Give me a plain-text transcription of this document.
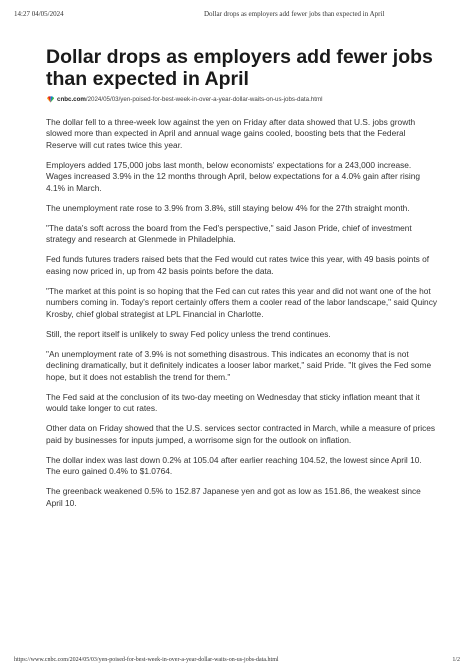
14:27 04/05/2024	Dollar drops as employers add fewer jobs than expected in April
Dollar drops as employers add fewer jobs than expected in April
cnbc.com /2024/05/03/yen-poised-for-best-week-in-over-a-year-dollar-waits-on-us-jobs-data.html

The dollar fell to a three-week low against the yen on Friday after data showed that U.S. jobs growth slowed more than expected in April and annual wage gains cooled, boosting bets that the Federal Reserve will cut rates twice this year.

Employers added 175,000 jobs last month, below economists' expectations for a 243,000 increase. Wages increased 3.9% in the 12 months through April, below expectations for a 4.0% gain after rising 4.1% in March.

The unemployment rate rose to 3.9% from 3.8%, still staying below 4% for the 27th straight month.

"The data's soft across the board from the Fed's perspective," said Jason Pride, chief of investment strategy and research at Glenmede in Philadelphia.

Fed funds futures traders raised bets that the Fed would cut rates twice this year, with 49 basis points of easing now priced in, up from 42 basis points before the data.

"The market at this point is so hoping that the Fed can cut rates this year and did not want one of the hot numbers coming in. Today's report certainly offers them a cooler read of the labor landscape," said Quincy Krosby, chief global strategist at LPL Financial in Charlotte.

Still, the report itself is unlikely to sway Fed policy unless the trend continues.

"An unemployment rate of 3.9% is not something disastrous. This indicates an economy that is not declining dramatically, but it definitely indicates a looser labor market," said Pride. "It gives the Fed some hope, but it does not establish the trend for them."

The Fed said at the conclusion of its two-day meeting on Wednesday that sticky inflation meant that it would take longer to cut rates.

Other data on Friday showed that the U.S. services sector contracted in March, while a measure of prices paid by businesses for inputs jumped, a worrisome sign for the outlook on inflation.

The dollar index was last down 0.2% at 105.04 after earlier reaching 104.52, the lowest since April 10. The euro gained 0.4% to $1.0764.

The greenback weakened 0.5% to 152.87 Japanese yen and got as low as 151.86, the weakest since April 10.

https://www.cnbc.com/2024/05/03/yen-poised-for-best-week-in-over-a-year-dollar-waits-on-us-jobs-data.html	1/2
